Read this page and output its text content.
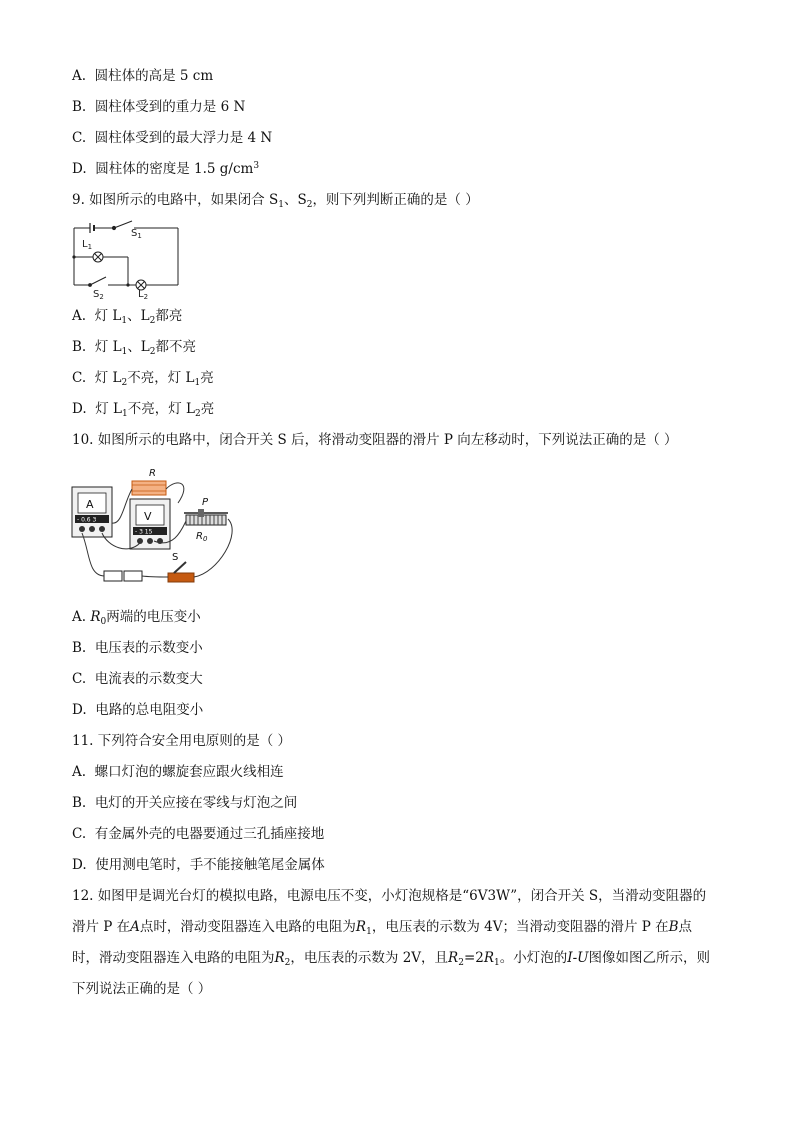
A. 圆柱体的高是 5 cm
B. 圆柱体受到的重力是 6 N
C. 圆柱体受到的最大浮力是 4 N
D. 圆柱体的密度是 1.5 $g/cm^3$
9. 如图所示的电路中，如果闭合 $S_1$、$S_2$，则下列判断正确的是（ ）
$L_1$
$S_1$
$S_2$	$L_2$
A. 灯 $L_1$、$L_2$都亮
B. 灯 $L_1$、$L_2$都不亮
C. 灯 $L_2$不亮，灯 $L_1$亮
D. 灯 $L_1$不亮，灯 $L_2$亮
10. 如图所示的电路中，闭合开关 S 后，将滑动变阻器的滑片 P 向左移动时，下列说法正确的是（ ）
A
- 0.6 3	V
- 3 15
R
P
$R_0$
S
A. $R_0$两端的电压变小
B. 电压表的示数变小
C. 电流表的示数变大
D. 电路的总电阻变小
11. 下列符合安全用电原则的是（ ）
A. 螺口灯泡的螺旋套应跟火线相连
B. 电灯的开关应接在零线与灯泡之间
C. 有金属外壳的电器要通过三孔插座接地
D. 使用测电笔时，手不能接触笔尾金属体
12. 如图甲是调光台灯的模拟电路，电源电压不变，小灯泡规格是“6V3W”，闭合开关 S，当滑动变阻器的
滑片 P 在A点时，滑动变阻器连入电路的电阻为$R_1$，电压表的示数为 4V；当滑动变阻器的滑片 P 在B点
时，滑动变阻器连入电路的电阻为$R_2$，电压表的示数为 2V，且$R_2=2R_1$。小灯泡的I-U图像如图乙所示，则
下列说法正确的是（ ）
